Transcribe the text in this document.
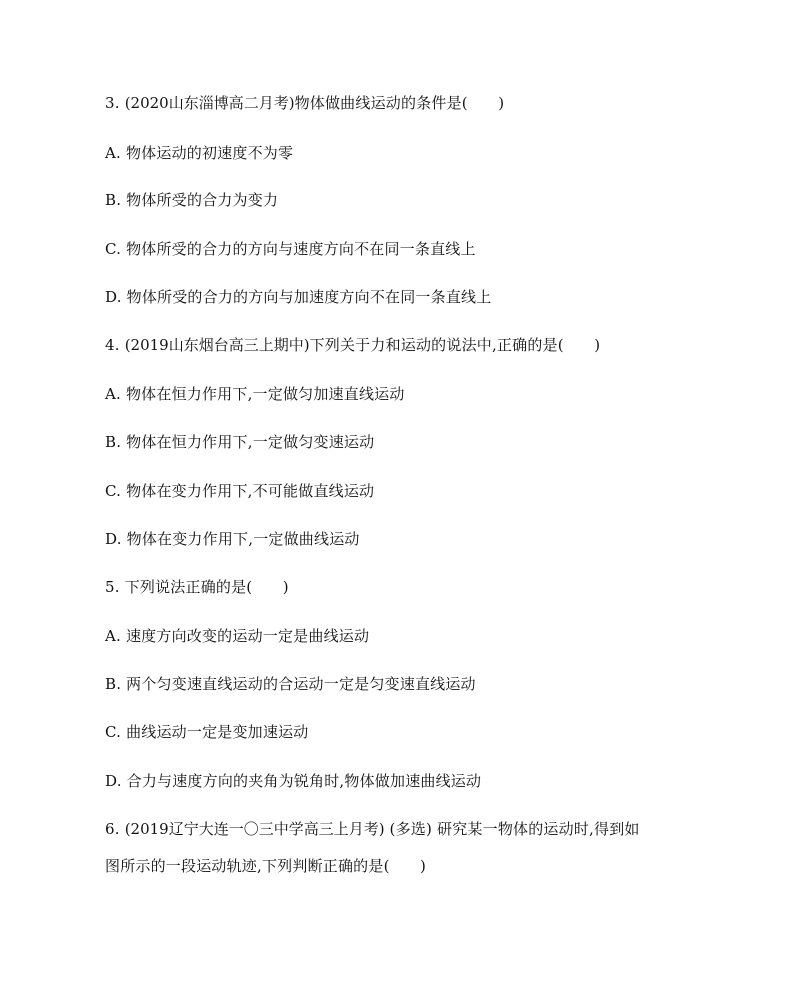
3. (2020山东淄博高二月考)物体做曲线运动的条件是(　　)
A. 物体运动的初速度不为零
B. 物体所受的合力为变力
C. 物体所受的合力的方向与速度方向不在同一条直线上
D. 物体所受的合力的方向与加速度方向不在同一条直线上
4. (2019山东烟台高三上期中)下列关于力和运动的说法中,正确的是(　　)
A. 物体在恒力作用下,一定做匀加速直线运动
B. 物体在恒力作用下,一定做匀变速运动
C. 物体在变力作用下,不可能做直线运动
D. 物体在变力作用下,一定做曲线运动
5. 下列说法正确的是(　　)
A. 速度方向改变的运动一定是曲线运动
B. 两个匀变速直线运动的合运动一定是匀变速直线运动
C. 曲线运动一定是变加速运动
D. 合力与速度方向的夹角为锐角时,物体做加速曲线运动
6. (2019辽宁大连一〇三中学高三上月考) (多选) 研究某一物体的运动时,得到如
图所示的一段运动轨迹,下列判断正确的是(　　)
